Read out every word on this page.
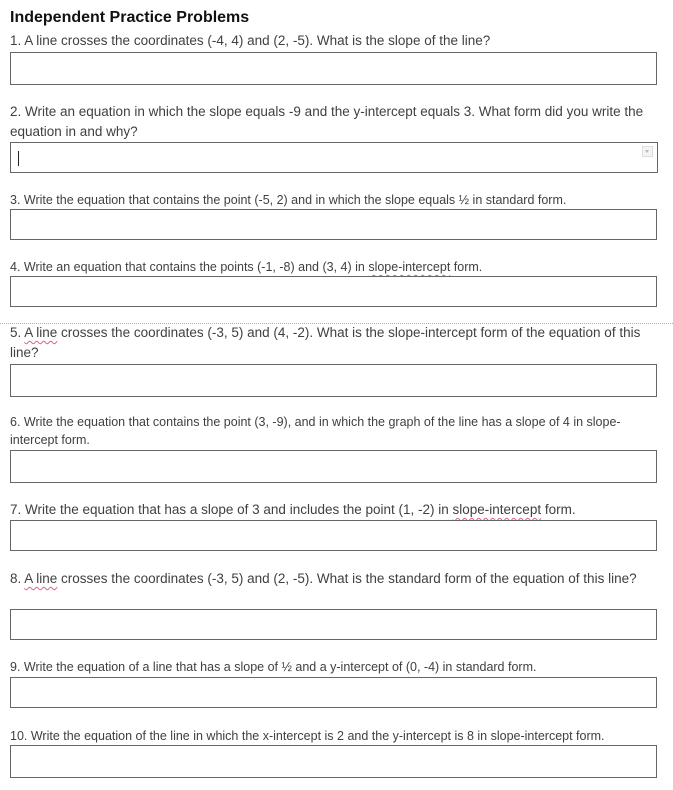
Independent Practice Problems
1. A line crosses the coordinates (-4, 4) and (2, -5). What is the slope of the line?
2. Write an equation in which the slope equals -9 and the y-intercept equals 3. What form did you write the equation in and why?
3. Write the equation that contains the point (-5, 2) and in which the slope equals ½ in standard form.
4. Write an equation that contains the points (-1, -8) and (3, 4) in slope-intercept form.
5. A line crosses the coordinates (-3, 5) and (4, -2). What is the slope-intercept form of the equation of this line?
6. Write the equation that contains the point (3, -9), and in which the graph of the line has a slope of 4 in slope-intercept form.
7. Write the equation that has a slope of 3 and includes the point (1, -2) in slope-intercept form.
8. A line crosses the coordinates (-3, 5) and (2, -5). What is the standard form of the equation of this line?
9. Write the equation of a line that has a slope of ½ and a y-intercept of (0, -4) in standard form.
10. Write the equation of the line in which the x-intercept is 2 and the y-intercept is 8 in slope-intercept form.
